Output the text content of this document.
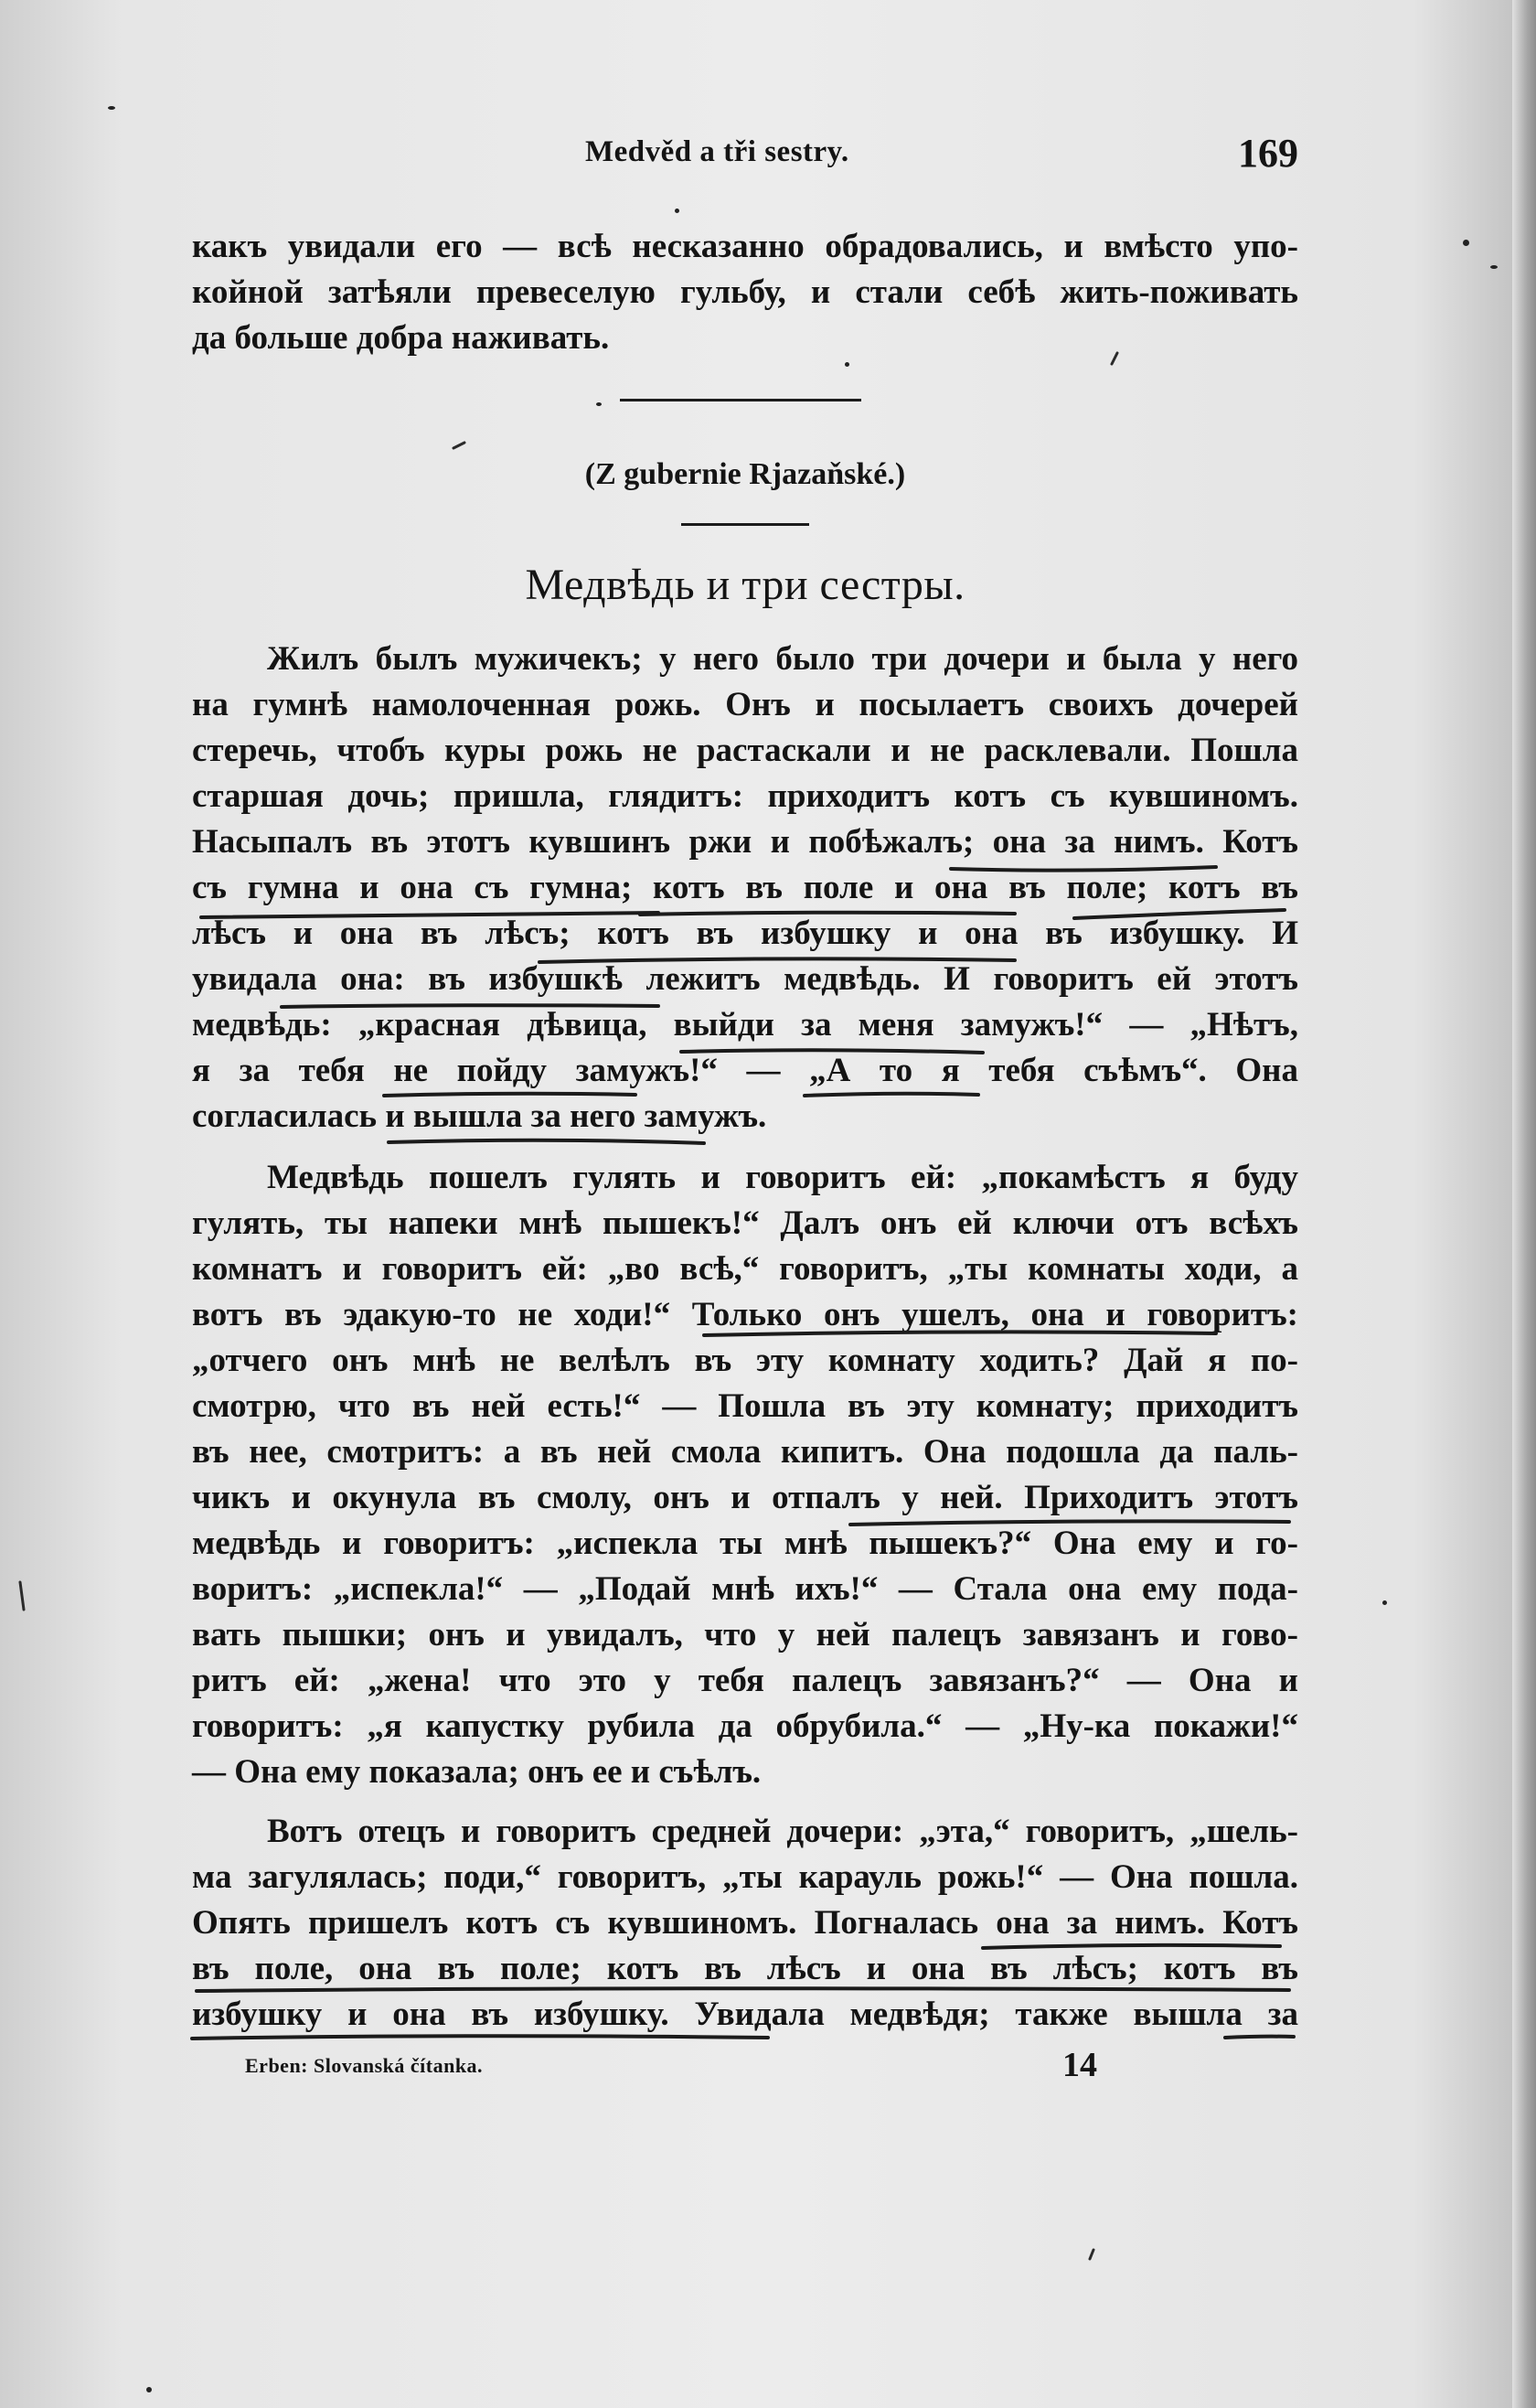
Medvěd a tři sestry.	169
какъ увидали его — всѣ несказанно обрадовались, и вмѣсто упо-
койной затѣяли превеселую гульбу, и стали себѣ жить-поживать
да больше добра наживать.
(Z gubernie Rjazaňské.)
Медвѣдь и три сестры.
Жилъ былъ мужичекъ; у него было три дочери и была у него
на гумнѣ намолоченная рожь. Онъ и посылаетъ своихъ дочерей
стеречь, чтобъ куры рожь не растаскали и не расклевали. Пошла
старшая дочь; пришла, глядитъ: приходитъ котъ съ кувшиномъ.
Насыпалъ въ этотъ кувшинъ ржи и побѣжалъ; она за нимъ. Котъ
съ гумна и она съ гумна; котъ въ поле и она въ поле; котъ въ
лѣсъ и она въ лѣсъ; котъ въ избушку и она въ избушку. И
увидала она: въ избушкѣ лежитъ медвѣдь. И говоритъ ей этотъ
медвѣдь: „красная дѣвица, выйди за меня замужъ!“ — „Нѣтъ,
я за тебя не пойду замужъ!“ — „А то я тебя съѣмъ“. Она
согласилась и вышла за него замужъ.
Медвѣдь пошелъ гулять и говоритъ ей: „покамѣстъ я буду
гулять, ты напеки мнѣ пышекъ!“ Далъ онъ ей ключи отъ всѣхъ
комнатъ и говоритъ ей: „во всѣ,“ говоритъ, „ты комнаты ходи, а
вотъ въ эдакую-то не ходи!“ Только онъ ушелъ, она и говоритъ:
„отчего онъ мнѣ не велѣлъ въ эту комнату ходить? Дай я по-
смотрю, что въ ней есть!“ — Пошла въ эту комнату; приходитъ
въ нее, смотритъ: а въ ней смола кипитъ. Она подошла да паль-
чикъ и окунула въ смолу, онъ и отпалъ у ней. Приходитъ этотъ
медвѣдь и говоритъ: „испекла ты мнѣ пышекъ?“ Она ему и го-
воритъ: „испекла!“ — „Подай мнѣ ихъ!“ — Стала она ему пода-
вать пышки; онъ и увидалъ, что у ней палецъ завязанъ и гово-
ритъ ей: „жена! что это у тебя палецъ завязанъ?“ — Она и
говоритъ: „я капустку рубила да обрубила.“ — „Ну-ка покажи!“
— Она ему показала; онъ ее и съѣлъ.
Вотъ отецъ и говоритъ средней дочери: „эта,“ говоритъ, „шель-
ма загулялась; поди,“ говоритъ, „ты карауль рожь!“ — Она пошла.
Опять пришелъ котъ съ кувшиномъ. Погналась она за нимъ. Котъ
въ поле, она въ поле; котъ въ лѣсъ и она въ лѣсъ; котъ въ
избушку и она въ избушку. Увидала медвѣдя; также вышла за
Erben: Slovanská čítanka.	14
